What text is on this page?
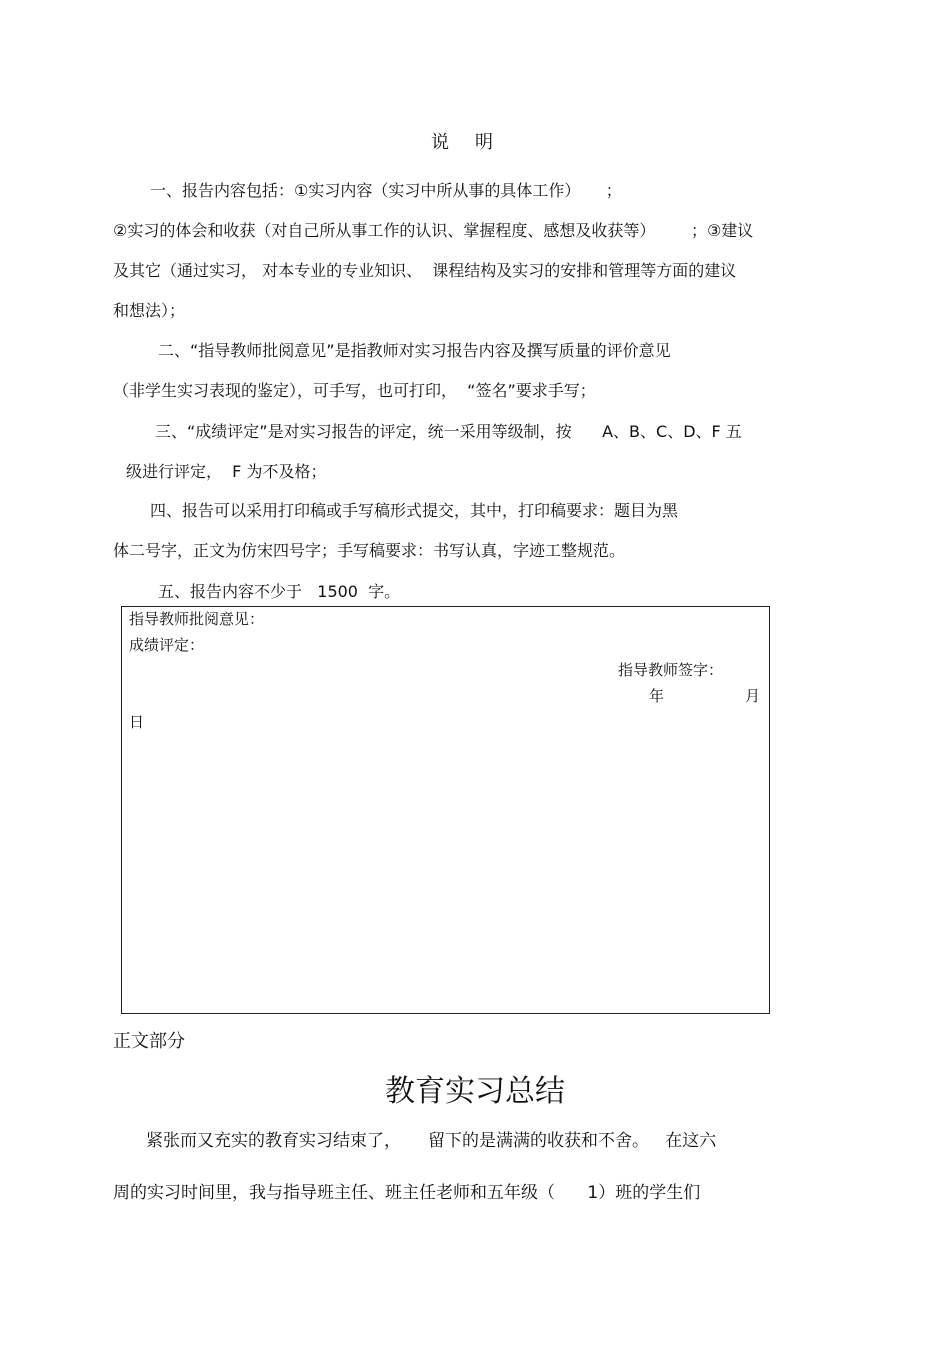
说明
一、报告内容包括：①实习内容（实习中所从事的具体工作）     ；
②实习的体会和收获（对自己所从事工作的认识、掌握程度、感想及收获等）       ；③建议
及其它（通过实习， 对本专业的专业知识、  课程结构及实习的安排和管理等方面的建议
和想法）；
二、“指导教师批阅意见”是指教师对实习报告内容及撰写质量的评价意见
（非学生实习表现的鉴定），可手写，也可打印，  “签名”要求手写；
三、“成绩评定”是对实习报告的评定，统一采用等级制，按      A、B、C、D、F 五
级进行评定，  F 为不及格；
四、报告可以采用打印稿或手写稿形式提交，其中，打印稿要求：题目为黑
体二号字，正文为仿宋四号字；手写稿要求：书写认真，字迹工整规范。
五、报告内容不少于   1500  字。
指导教师批阅意见：
成绩评定：
指导教师签字：
年	月
日
正文部分
教育实习总结
紧张而又充实的教育实习结束了，     留下的是满满的收获和不舍。   在这六
周的实习时间里，我与指导班主任、班主任老师和五年级（      1）班的学生们
